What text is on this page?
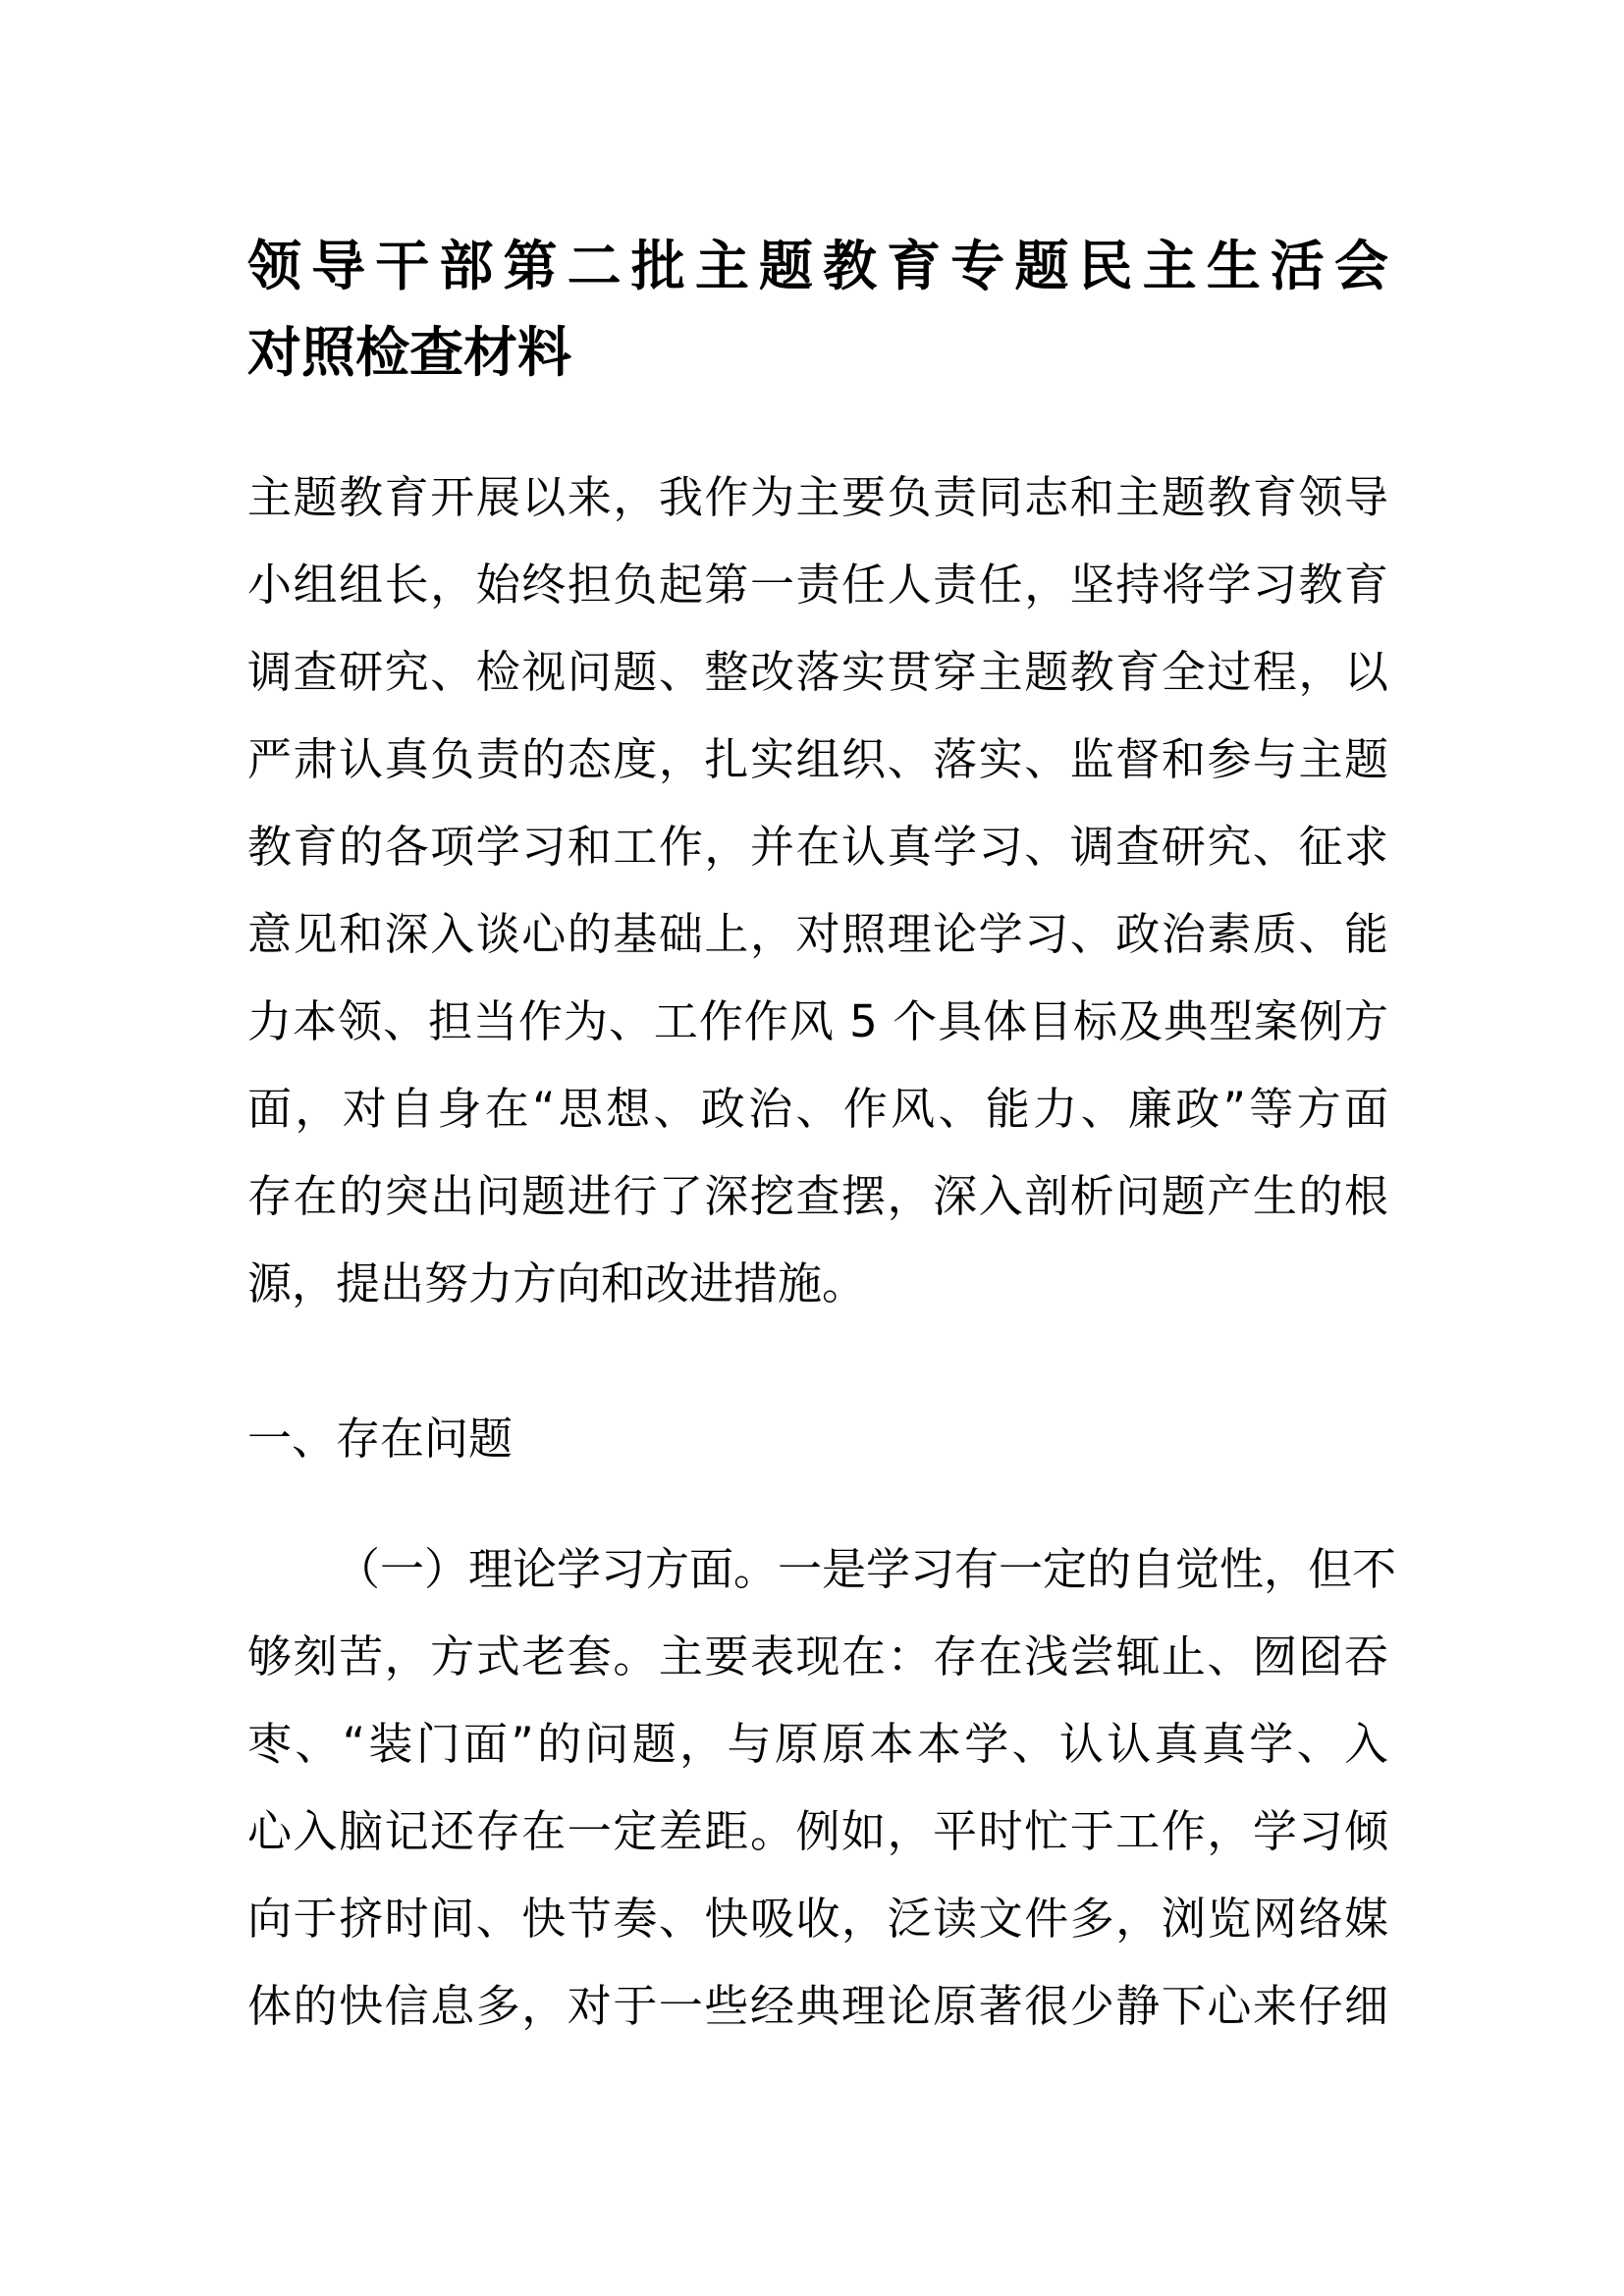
领导干部第二批主题教育专题民主生活会
对照检查材料
主题教育开展以来，我作为主要负责同志和主题教育领导
小组组长，始终担负起第一责任人责任，坚持将学习教育
调查研究、检视问题、整改落实贯穿主题教育全过程，以
严肃认真负责的态度，扎实组织、落实、监督和参与主题
教育的各项学习和工作，并在认真学习、调查研究、征求
意见和深入谈心的基础上，对照理论学习、政治素质、能
力本领、担当作为、工作作风 5 个具体目标及典型案例方
面，对自身在“思想、政治、作风、能力、廉政”等方面
存在的突出问题进行了深挖查摆，深入剖析问题产生的根
源，提出努力方向和改进措施。
一、存在问题
（一）理论学习方面。一是学习有一定的自觉性，但不
够刻苦，方式老套。主要表现在：存在浅尝辄止、囫囵吞
枣、“装门面”的问题，与原原本本学、认认真真学、入
心入脑记还存在一定差距。例如，平时忙于工作，学习倾
向于挤时间、快节奏、快吸收，泛读文件多，浏览网络媒
体的快信息多，对于一些经典理论原著很少静下心来仔细
